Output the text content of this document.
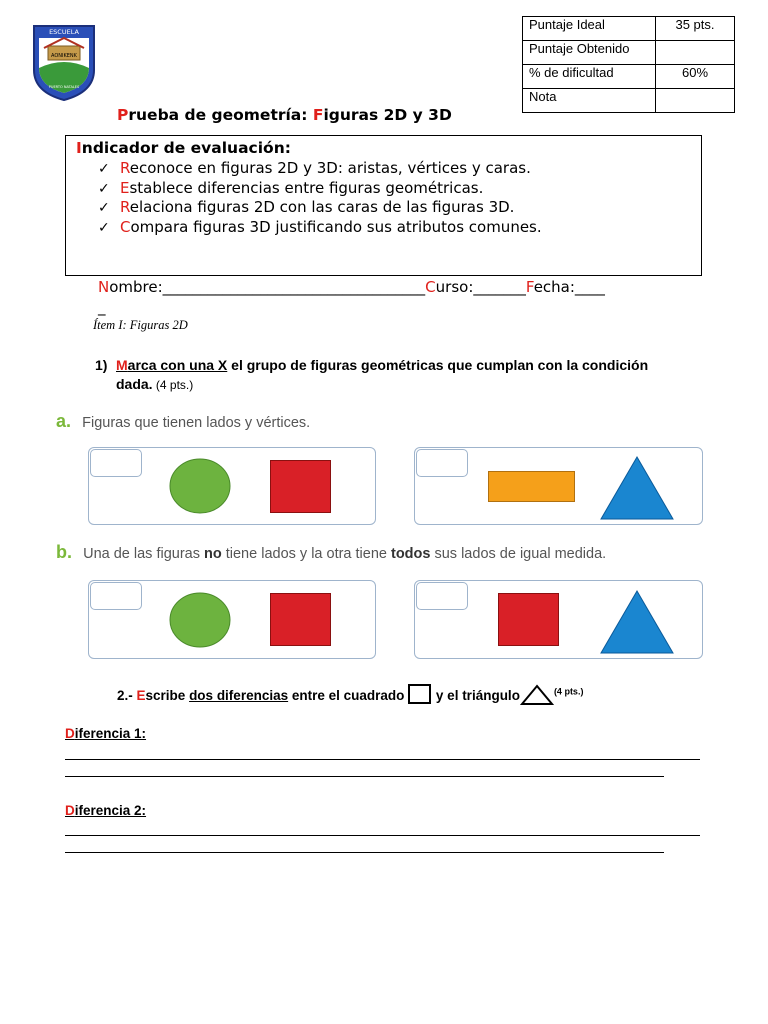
ESCUELA
AONIKENK
PUERTO NATALES
Puntaje Ideal	35 pts.
Puntaje Obtenido	
% de dificultad	60%
Nota	
Prueba de geometría: Figuras 2D y 3D
Indicador de evaluación:
✓ Reconoce en figuras 2D y 3D: aristas, vértices y caras.
✓ Establece diferencias entre figuras geométricas.
✓ Relaciona figuras 2D con las caras de las figuras 3D.
✓ Compara figuras 3D justificando sus atributos comunes.
Nombre:___________________________________Curso:_______Fecha:____
_
Ítem I: Figuras 2D
1) Marca con una X el grupo de figuras geométricas que cumplan con la condición dada. (4 pts.)
a. Figuras que tienen lados y vértices.
b. Una de las figuras no tiene lados y la otra tiene todos sus lados de igual medida.
2.- Escribe dos diferencias entre el cuadrado  y el triángulo	$^{(4 pts.)}$
Diferencia 1:
Diferencia 2:
